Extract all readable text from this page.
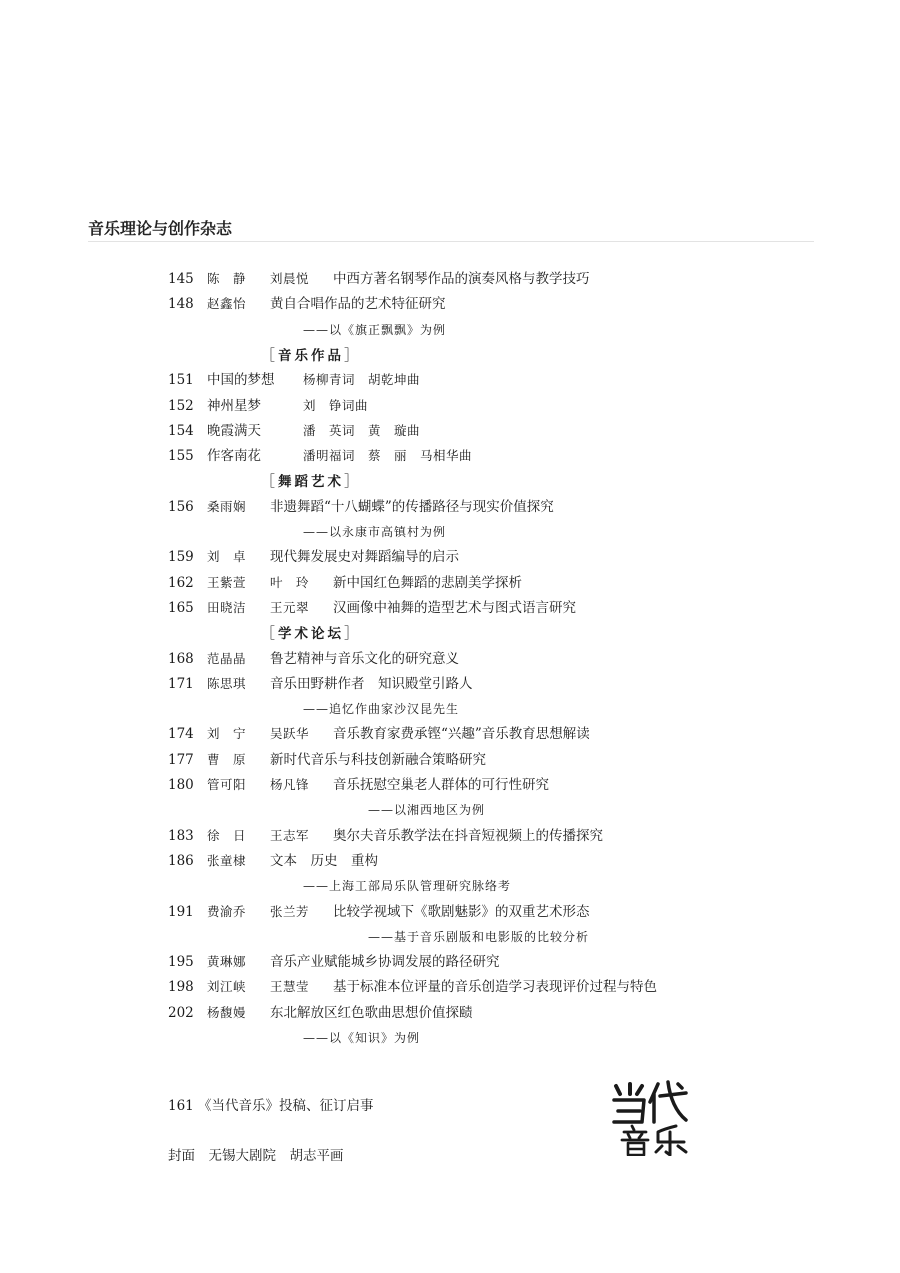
音乐理论与创作杂志
145	陈　静 刘晨悦 中西方著名钢琴作品的演奏风格与教学技巧
148	赵鑫怡 黄自合唱作品的艺术特征研究
——以《旗正飘飘》为例
［音乐作品］
151 中国的梦想 杨柳青词　胡乾坤曲
152 神州星梦	刘　铮词曲
154 晚霞满天	潘　英词　黄　璇曲
155 作客南花	潘明福词　蔡　丽　马相华曲
［舞蹈艺术］
156	桑雨娴 非遗舞蹈“十八蝴蝶”的传播路径与现实价值探究
——以永康市高镇村为例
159	刘　卓 现代舞发展史对舞蹈编导的启示
162	王紫萱 叶　玲 新中国红色舞蹈的悲剧美学探析
165	田晓洁 王元翠 汉画像中袖舞的造型艺术与图式语言研究
［学术论坛］
168	范晶晶 鲁艺精神与音乐文化的研究意义
171	陈思琪 音乐田野耕作者　知识殿堂引路人
——追忆作曲家沙汉昆先生
174	刘　宁 吴跃华 音乐教育家费承铿“兴趣”音乐教育思想解读
177	曹　原 新时代音乐与科技创新融合策略研究
180	管可阳 杨凡锋 音乐抚慰空巢老人群体的可行性研究
——以湘西地区为例
183	徐　日 王志军 奥尔夫音乐教学法在抖音短视频上的传播探究
186	张童棣 文本　历史　重构
——上海工部局乐队管理研究脉络考
191	费渝乔 张兰芳 比较学视域下《歌剧魅影》的双重艺术形态
——基于音乐剧版和电影版的比较分析
195	黄琳娜 音乐产业赋能城乡协调发展的路径研究
198	刘江峡 王慧莹 基于标准本位评量的音乐创造学习表现评价过程与特色
202	杨馥嫚 东北解放区红色歌曲思想价值探赜
——以《知识》为例
161 《当代音乐》投稿、征订启事
封面　无锡大剧院　胡志平画
